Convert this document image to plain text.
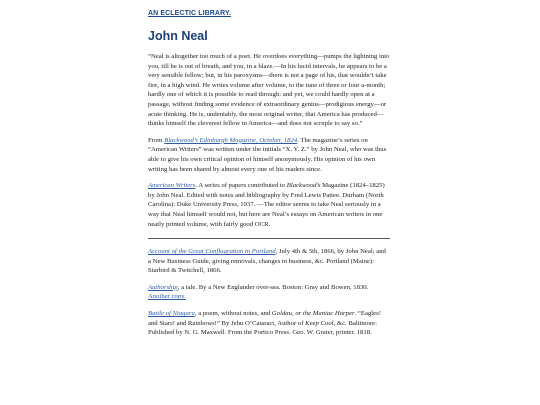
AN ECLECTIC LIBRARY.
John Neal

“Neal is altogether too much of a poet. He overdoes everything—pumps the lightning into you, till he is out of breath, and you, in a blaze.—In his lucid intervals, he appears to be a very sensible fellow; but, in his paroxysms—there is not a page of his, that wouldn’t take fire, in a high wind. He writes volume after volume, to the tune of three or four a-month; hardly one of which it is possible to read through: and yet, we could hardly open at a passage, without finding some evidence of extraordinary genius—prodigious energy—or acute thinking. He is, undeniably, the most original writer, that America has produced—thinks himself the cleverest fellow in America—and does not scruple to say so.”

From Blackwood’s Edinburgh Magazine, October, 1824. The magazine’s series on “American Writers” was written under the initials “X. Y. Z.” by John Neal, who was thus able to give his own critical opinion of himself anonymously. His opinion of his own writing has been shared by almost every one of his readers since.

American Writers. A series of papers contributed to Blackwood’s Magazine (1824–1825) by John Neal. Edited with notes and bibliography by Fred Lewis Pattee. Durham (North Carolina): Duke University Press, 1937. —The editor seems to take Neal seriously in a way that Neal himself would not, but here are Neal’s essays on American writers in one neatly printed volume, with fairly good OCR.

Account of the Great Conflagration in Portland, July 4th & 5th, 1866, by John Neal; and a New Business Guide, giving removals, changes in business, &c. Portland (Maine): Starbird & Twitchell, 1866.

Authorship, a tale. By a New Englander over-sea. Boston: Gray and Bowen, 1830.
Another copy.

Battle of Niagara, a poem, without notes, and Goldau, or the Maniac Harper. “Eagles! and Stars! and Rainbows!” By Jehu O’Cataract, Author of Keep Cool, &c. Baltimore: Published by N. G. Maxwell. From the Portico Press. Geo. W. Grater, printer. 1818.
